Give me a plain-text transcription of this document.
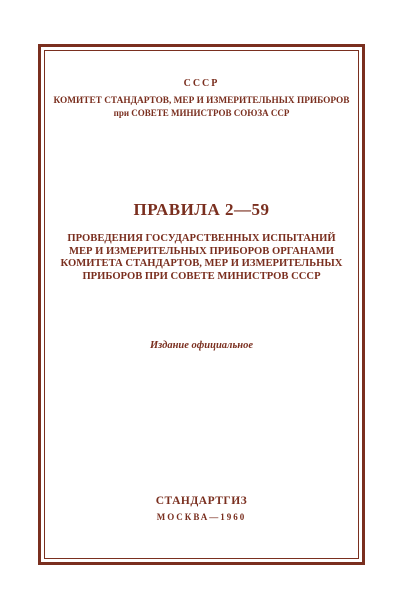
СССР
КОМИТЕТ СТАНДАРТОВ, МЕР И ИЗМЕРИТЕЛЬНЫХ ПРИБОРОВ
при СОВЕТЕ МИНИСТРОВ СОЮЗА ССР
ПРАВИЛА 2—59
ПРОВЕДЕНИЯ ГОСУДАРСТВЕННЫХ ИСПЫТАНИЙ
МЕР И ИЗМЕРИТЕЛЬНЫХ ПРИБОРОВ ОРГАНАМИ
КОМИТЕТА СТАНДАРТОВ, МЕР И ИЗМЕРИТЕЛЬНЫХ
ПРИБОРОВ ПРИ СОВЕТЕ МИНИСТРОВ СССР
Издание официальное
СТАНДАРТГИЗ
МОСКВА—1960
